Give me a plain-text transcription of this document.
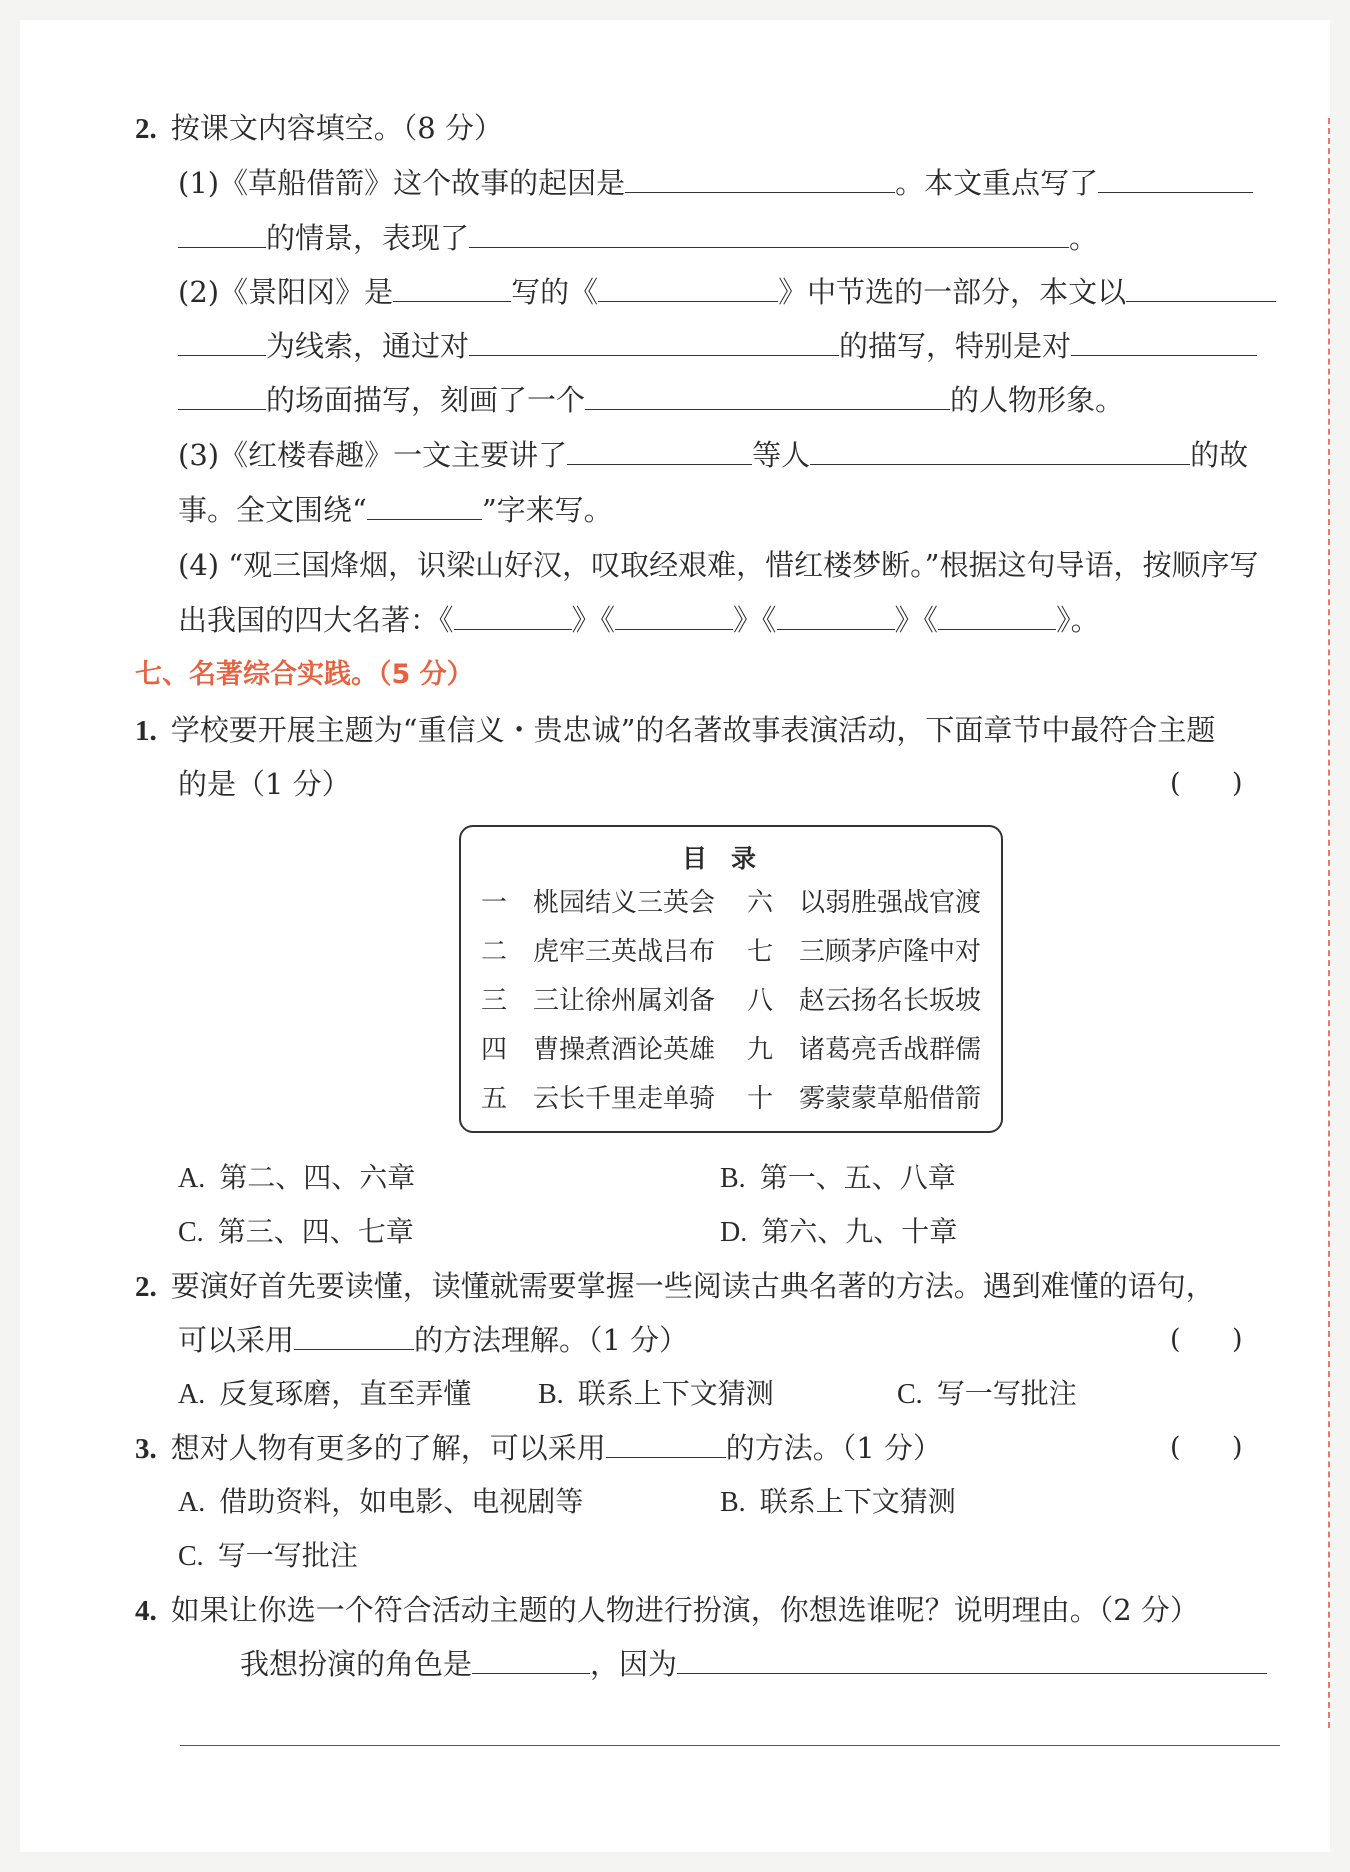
2. 按课文内容填空。（8 分）
(1)《草船借箭》这个故事的起因是	。本文重点写了
的情景，表现了	。
(2)《景阳冈》是	写的《	》中节选的一部分，本文以
为线索，通过对	的描写，特别是对
的场面描写，刻画了一个	的人物形象。
(3)《红楼春趣》一文主要讲了	等人	的故
事。全文围绕“	”字来写。
(4) “观三国烽烟，识梁山好汉，叹取经艰难，惜红楼梦断。”根据这句导语，按顺序写
出我国的四大名著：《	》《	》《	》《	》。
七、名著综合实践。（5 分）
1. 学校要开展主题为“重信义・贵忠诚”的名著故事表演活动，下面章节中最符合主题
的是（1 分）	(      )
目录
一 桃园结义三英会 六 以弱胜强战官渡
二 虎牢三英战吕布 七 三顾茅庐隆中对
三 三让徐州属刘备 八 赵云扬名长坂坡
四 曹操煮酒论英雄 九 诸葛亮舌战群儒
五 云长千里走单骑 十 雾蒙蒙草船借箭
A. 第二、四、六章	B. 第一、五、八章
C. 第三、四、七章	D. 第六、九、十章
2. 要演好首先要读懂，读懂就需要掌握一些阅读古典名著的方法。遇到难懂的语句，
可以采用	的方法理解。（1 分）	(      )
A. 反复琢磨，直至弄懂 B. 联系上下文猜测	C. 写一写批注
3. 想对人物有更多的了解，可以采用	的方法。（1 分）	(      )
A. 借助资料，如电影、电视剧等	B. 联系上下文猜测
C. 写一写批注
4. 如果让你选一个符合活动主题的人物进行扮演，你想选谁呢？说明理由。（2 分）
我想扮演的角色是	，因为
